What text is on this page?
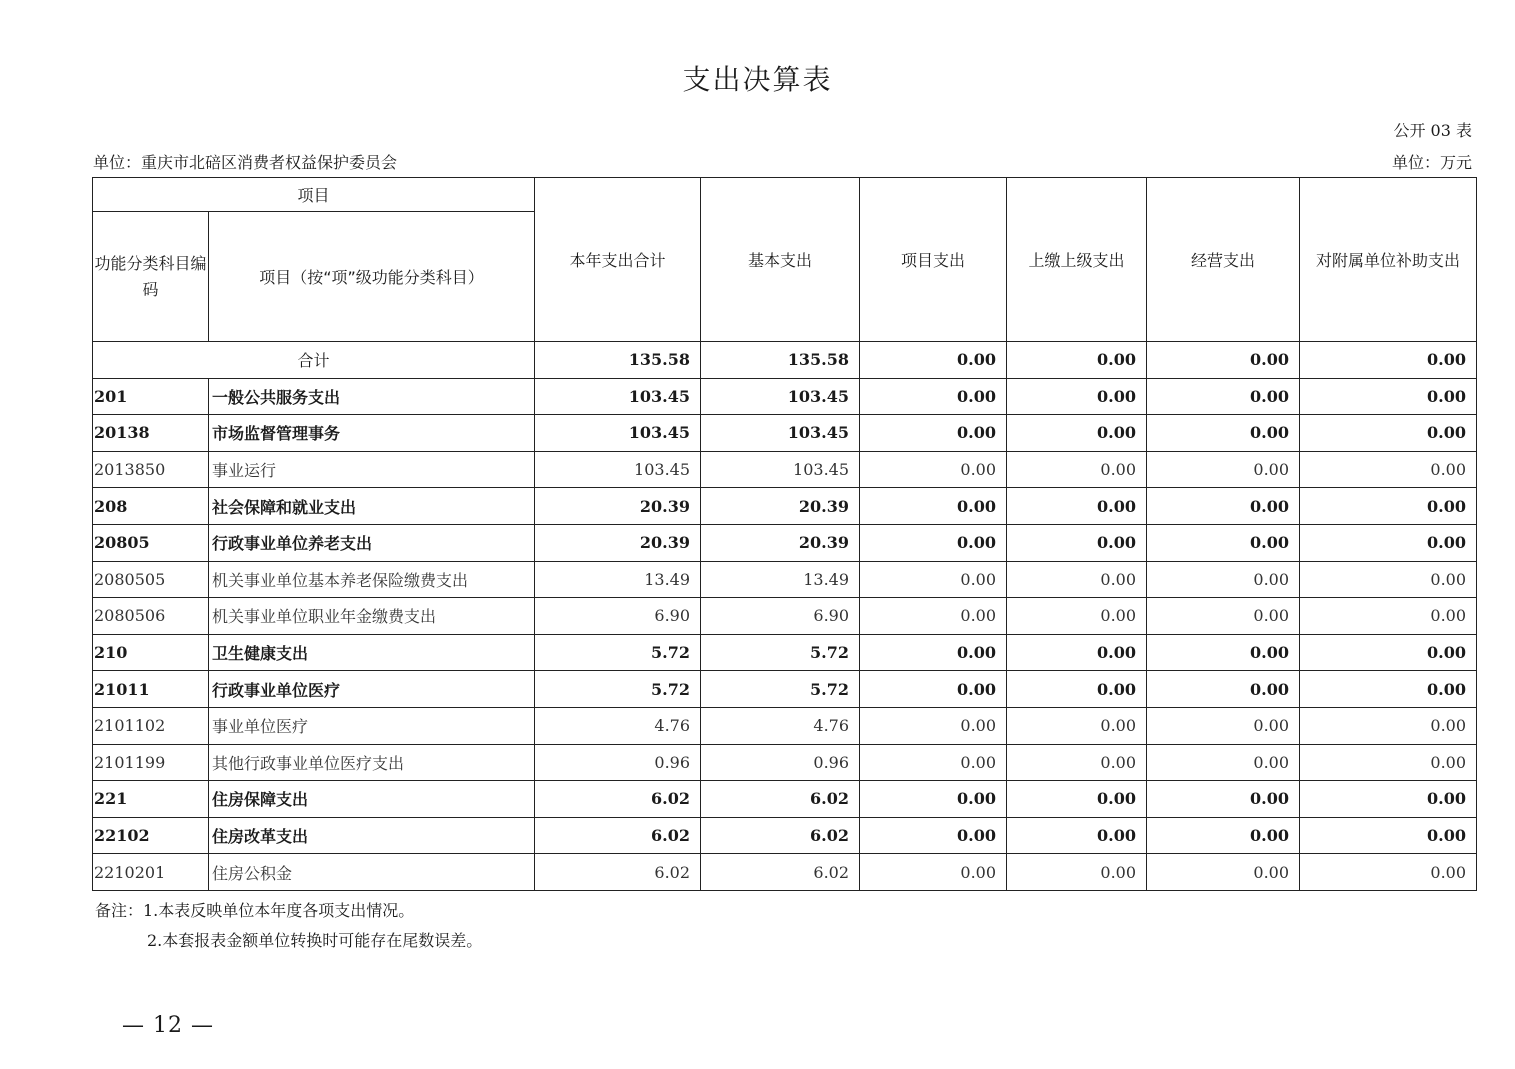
支出决算表
公开 03 表
单位：重庆市北碚区消费者权益保护委员会	单位：万元
项目		本年支出合计	基本支出	项目支出	上缴上级支出	经营支出	对附属单位补助支出
功能分类科目编码	项目（按“项”级功能分类科目）						
合计		135.58	135.58	0.00	0.00	0.00	0.00
201	一般公共服务支出	103.45	103.45	0.00	0.00	0.00	0.00
20138	市场监督管理事务	103.45	103.45	0.00	0.00	0.00	0.00
2013850	事业运行	103.45	103.45	0.00	0.00	0.00	0.00
208	社会保障和就业支出	20.39	20.39	0.00	0.00	0.00	0.00
20805	行政事业单位养老支出	20.39	20.39	0.00	0.00	0.00	0.00
2080505	机关事业单位基本养老保险缴费支出	13.49	13.49	0.00	0.00	0.00	0.00
2080506	机关事业单位职业年金缴费支出	6.90	6.90	0.00	0.00	0.00	0.00
210	卫生健康支出	5.72	5.72	0.00	0.00	0.00	0.00
21011	行政事业单位医疗	5.72	5.72	0.00	0.00	0.00	0.00
2101102	事业单位医疗	4.76	4.76	0.00	0.00	0.00	0.00
2101199	其他行政事业单位医疗支出	0.96	0.96	0.00	0.00	0.00	0.00
221	住房保障支出	6.02	6.02	0.00	0.00	0.00	0.00
22102	住房改革支出	6.02	6.02	0.00	0.00	0.00	0.00
2210201	住房公积金	6.02	6.02	0.00	0.00	0.00	0.00
备注：1.本表反映单位本年度各项支出情况。
2.本套报表金额单位转换时可能存在尾数误差。
— 12 —
